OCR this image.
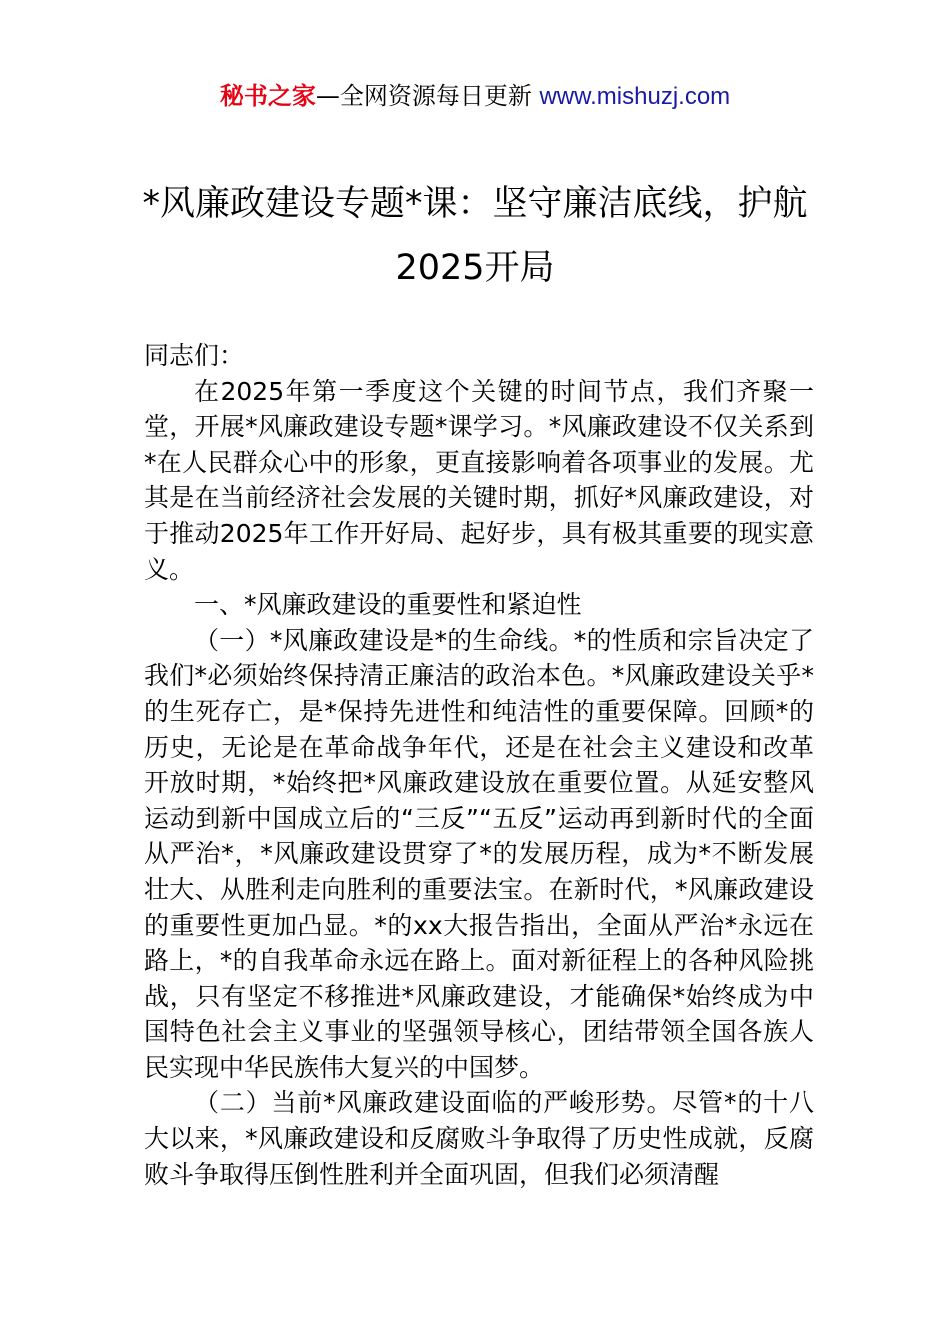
秘书之家—全网资源每日更新 www.mishuzj.com
*风廉政建设专题*课：坚守廉洁底线，护航2025开局

同志们：

在2025年第一季度这个关键的时间节点，我们齐聚一堂，开展*风廉政建设专题*课学习。*风廉政建设不仅关系到*在人民群众心中的形象，更直接影响着各项事业的发展。尤其是在当前经济社会发展的关键时期，抓好*风廉政建设，对于推动2025年工作开好局、起好步，具有极其重要的现实意义。

一、*风廉政建设的重要性和紧迫性

（一）*风廉政建设是*的生命线。*的性质和宗旨决定了我们*必须始终保持清正廉洁的政治本色。*风廉政建设关乎*的生死存亡，是*保持先进性和纯洁性的重要保障。回顾*的历史，无论是在革命战争年代，还是在社会主义建设和改革开放时期，*始终把*风廉政建设放在重要位置。从延安整风运动到新中国成立后的“三反”“五反”运动再到新时代的全面从严治*，*风廉政建设贯穿了*的发展历程，成为*不断发展壮大、从胜利走向胜利的重要法宝。在新时代，*风廉政建设的重要性更加凸显。*的xx大报告指出，全面从严治*永远在路上，*的自我革命永远在路上。面对新征程上的各种风险挑战，只有坚定不移推进*风廉政建设，才能确保*始终成为中国特色社会主义事业的坚强领导核心，团结带领全国各族人民实现中华民族伟大复兴的中国梦。

（二）当前*风廉政建设面临的严峻形势。尽管*的十八大以来，*风廉政建设和反腐败斗争取得了历史性成就，反腐败斗争取得压倒性胜利并全面巩固，但我们必须清醒
